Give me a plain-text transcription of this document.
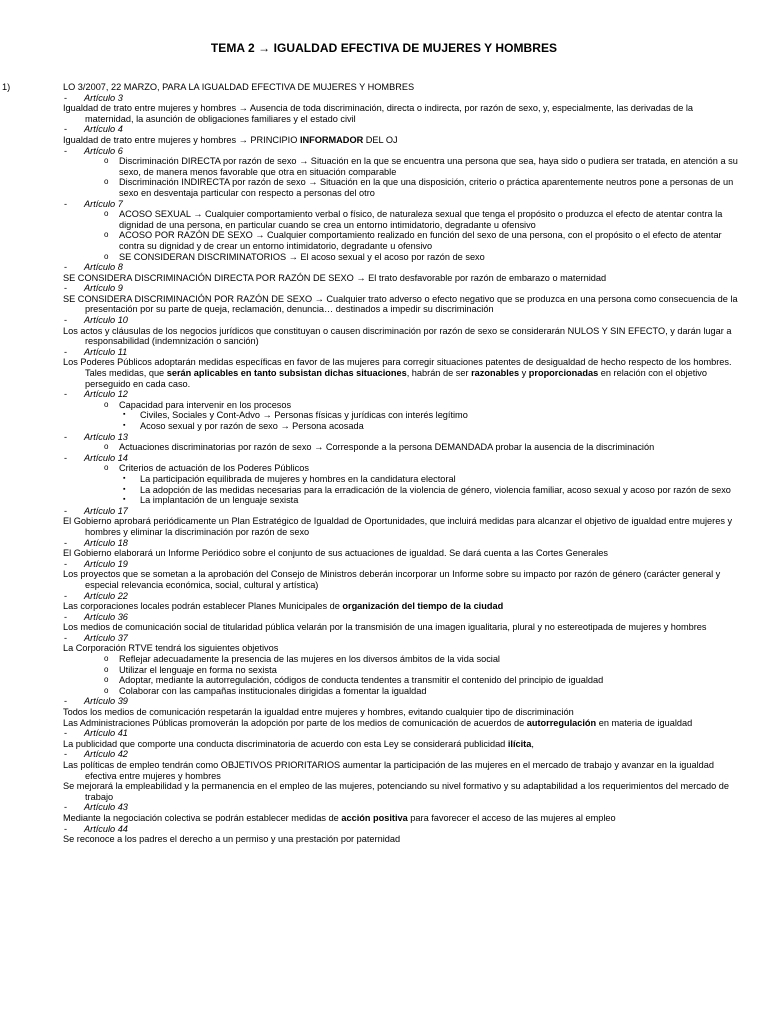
TEMA 2 → IGUALDAD EFECTIVA DE MUJERES Y HOMBRES
1)	LO 3/2007, 22 MARZO, PARA LA IGUALDAD EFECTIVA DE MUJERES Y HOMBRES
- Artículo 3
Igualdad de trato entre mujeres y hombres → Ausencia de toda discriminación, directa o indirecta, por razón de sexo, y, especialmente, las derivadas de la maternidad, la asunción de obligaciones familiares y el estado civil
- Artículo 4
Igualdad de trato entre mujeres y hombres → PRINCIPIO INFORMADOR DEL OJ
- Artículo 6
o Discriminación DIRECTA por razón de sexo → Situación en la que se encuentra una persona que sea, haya sido o pudiera ser tratada, en atención a su sexo, de manera menos favorable que otra en situación comparable
o Discriminación INDIRECTA por razón de sexo → Situación en la que una disposición, criterio o práctica aparentemente neutros pone a personas de un sexo en desventaja particular con respecto a personas del otro
- Artículo 7
o ACOSO SEXUAL → Cualquier comportamiento verbal o físico, de naturaleza sexual que tenga el propósito o produzca el efecto de atentar contra la dignidad de una persona, en particular cuando se crea un entorno intimidatorio, degradante u ofensivo
o ACOSO POR RAZÓN DE SEXO → Cualquier comportamiento realizado en función del sexo de una persona, con el propósito o el efecto de atentar contra su dignidad y de crear un entorno intimidatorio, degradante u ofensivo
o SE CONSIDERAN DISCRIMINATORIOS → El acoso sexual y el acoso por razón de sexo
- Artículo 8
SE CONSIDERA DISCRIMINACIÓN DIRECTA POR RAZÓN DE SEXO → El trato desfavorable por razón de embarazo o maternidad
- Artículo 9
SE CONSIDERA DISCRIMINACIÓN POR RAZÓN DE SEXO → Cualquier trato adverso o efecto negativo que se produzca en una persona como consecuencia de la presentación por su parte de queja, reclamación, denuncia… destinados a impedir su discriminación
- Artículo 10
Los actos y cláusulas de los negocios jurídicos que constituyan o causen discriminación por razón de sexo se considerarán NULOS Y SIN EFECTO, y darán lugar a responsabilidad (indemnización o sanción)
- Artículo 11
Los Poderes Públicos adoptarán medidas específicas en favor de las mujeres para corregir situaciones patentes de desigualdad de hecho respecto de los hombres. Tales medidas, que serán aplicables en tanto subsistan dichas situaciones, habrán de ser razonables y proporcionadas en relación con el objetivo perseguido en cada caso.
- Artículo 12
o Capacidad para intervenir en los procesos
▪ Civiles, Sociales y Cont-Advo → Personas físicas y jurídicas con interés legítimo
▪ Acoso sexual y por razón de sexo → Persona acosada
- Artículo 13
o Actuaciones discriminatorias por razón de sexo → Corresponde a la persona DEMANDADA probar la ausencia de la discriminación
- Artículo 14
o Criterios de actuación de los Poderes Públicos
▪ La participación equilibrada de mujeres y hombres en la candidatura electoral
▪ La adopción de las medidas necesarias para la erradicación de la violencia de género, violencia familiar, acoso sexual y acoso por razón de sexo
▪ La implantación de un lenguaje sexista
- Artículo 17
El Gobierno aprobará periódicamente un Plan Estratégico de Igualdad de Oportunidades, que incluirá medidas para alcanzar el objetivo de igualdad entre mujeres y hombres y eliminar la discriminación por razón de sexo
- Artículo 18
El Gobierno elaborará un Informe Periódico sobre el conjunto de sus actuaciones de igualdad. Se dará cuenta a las Cortes Generales
- Artículo 19
Los proyectos que se sometan a la aprobación del Consejo de Ministros deberán incorporar un Informe sobre su impacto por razón de género (carácter general y especial relevancia económica, social, cultural y artística)
- Artículo 22
Las corporaciones locales podrán establecer Planes Municipales de organización del tiempo de la ciudad
- Artículo 36
Los medios de comunicación social de titularidad pública velarán por la transmisión de una imagen igualitaria, plural y no estereotipada de mujeres y hombres
- Artículo 37
La Corporación RTVE tendrá los siguientes objetivos
o Reflejar adecuadamente la presencia de las mujeres en los diversos ámbitos de la vida social
o Utilizar el lenguaje en forma no sexista
o Adoptar, mediante la autorregulación, códigos de conducta tendentes a transmitir el contenido del principio de igualdad
o Colaborar con las campañas institucionales dirigidas a fomentar la igualdad
- Artículo 39
Todos los medios de comunicación respetarán la igualdad entre mujeres y hombres, evitando cualquier tipo de discriminación
Las Administraciones Públicas promoverán la adopción por parte de los medios de comunicación de acuerdos de autorregulación en materia de igualdad
- Artículo 41
La publicidad que comporte una conducta discriminatoria de acuerdo con esta Ley se considerará publicidad ilícita,
- Artículo 42
Las políticas de empleo tendrán como OBJETIVOS PRIORITARIOS aumentar la participación de las mujeres en el mercado de trabajo y avanzar en la igualdad efectiva entre mujeres y hombres
Se mejorará la empleabilidad y la permanencia en el empleo de las mujeres, potenciando su nivel formativo y su adaptabilidad a los requerimientos del mercado de trabajo
- Artículo 43
Mediante la negociación colectiva se podrán establecer medidas de acción positiva para favorecer el acceso de las mujeres al empleo
- Artículo 44
Se reconoce a los padres el derecho a un permiso y una prestación por paternidad
